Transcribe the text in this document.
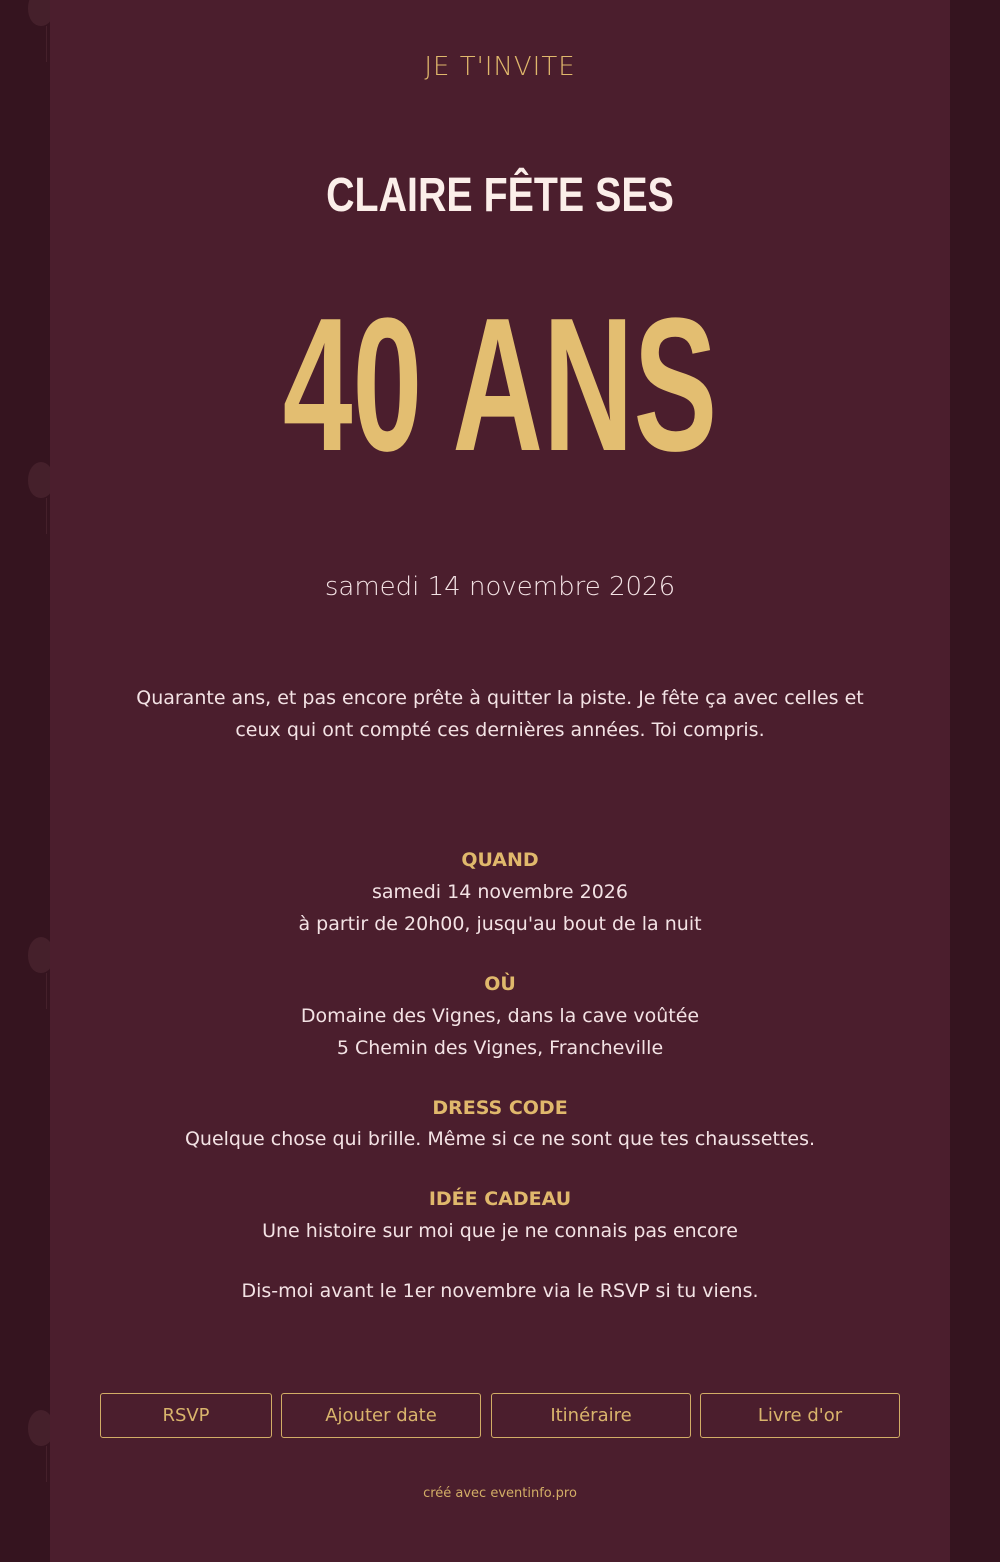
JE T'INVITE
CLAIRE FÊTE SES
40 ANS
samedi 14 novembre 2026
Quarante ans, et pas encore prête à quitter la piste. Je fête ça avec celles et
ceux qui ont compté ces dernières années. Toi compris.
QUAND
samedi 14 novembre 2026
à partir de 20h00, jusqu'au bout de la nuit
OÙ
Domaine des Vignes, dans la cave voûtée
5 Chemin des Vignes, Francheville
DRESS CODE
Quelque chose qui brille. Même si ce ne sont que tes chaussettes.
IDÉE CADEAU
Une histoire sur moi que je ne connais pas encore
Dis-moi avant le 1er novembre via le RSVP si tu viens.
RSVP	Ajouter date	Itinéraire	Livre d'or
créé avec eventinfo.pro
